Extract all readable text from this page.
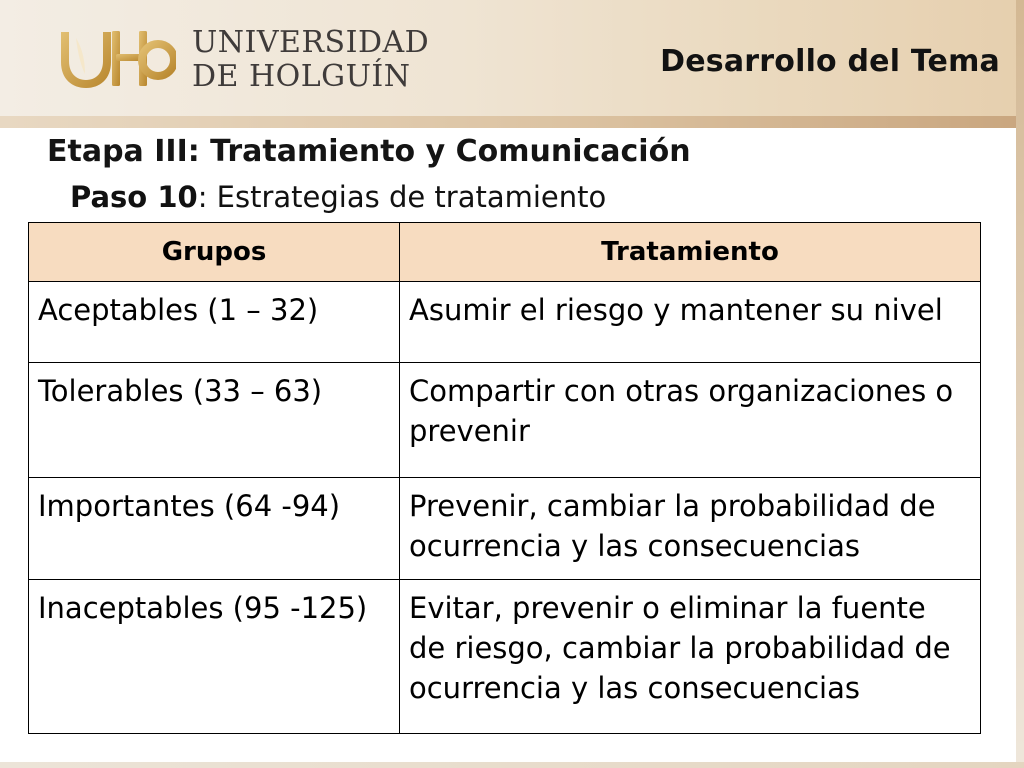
UNIVERSIDAD
DE HOLGUÍN	Desarrollo del Tema
Etapa III: Tratamiento y Comunicación
Paso 10: Estrategias de tratamiento
Grupos	Tratamiento
Aceptables (1 – 32)	Asumir el riesgo y mantener su nivel
Tolerables (33 – 63)	Compartir con otras organizaciones o prevenir
Importantes (64 -94)	Prevenir, cambiar la probabilidad de ocurrencia y las consecuencias
Inaceptables (95 -125)	Evitar, prevenir o eliminar la fuente de riesgo, cambiar la probabilidad de ocurrencia y las consecuencias
